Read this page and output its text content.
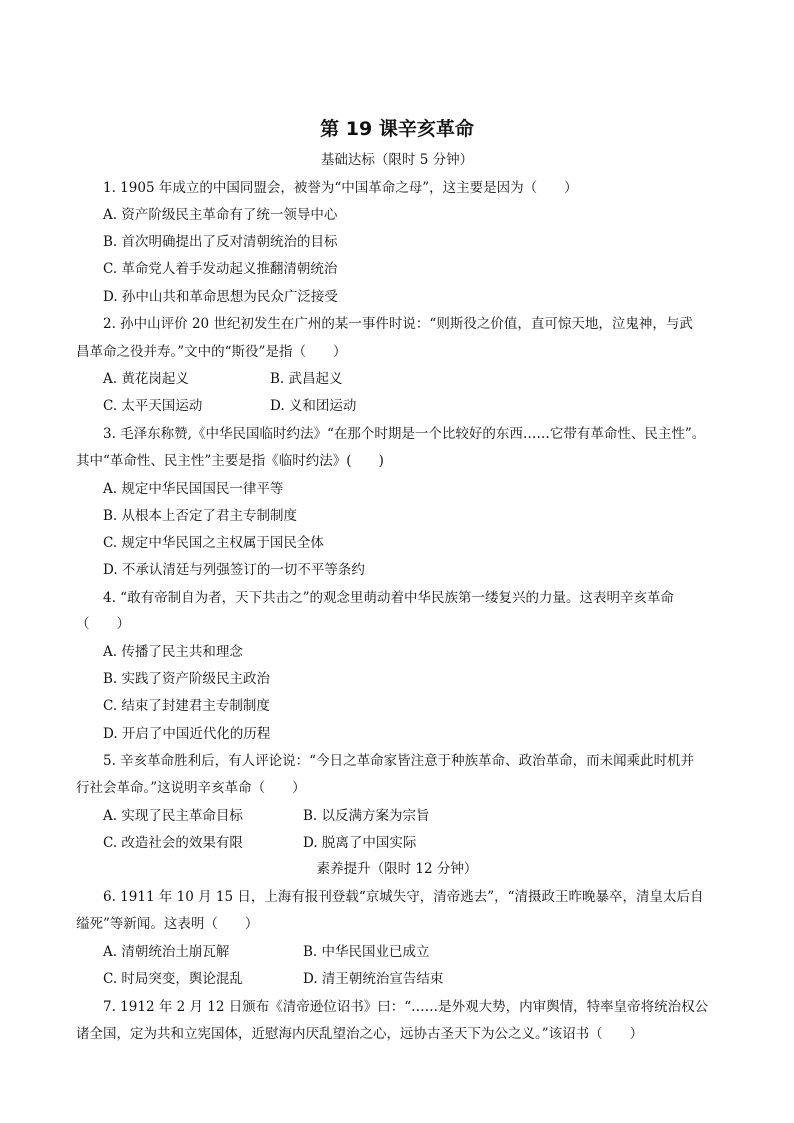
第 19 课辛亥革命
基础达标（限时 5 分钟）
1. 1905 年成立的中国同盟会，被誉为“中国革命之母”，这主要是因为（　　）
A. 资产阶级民主革命有了统一领导中心
B. 首次明确提出了反对清朝统治的目标
C. 革命党人着手发动起义推翻清朝统治
D. 孙中山共和革命思想为民众广泛接受
2. 孙中山评价 20 世纪初发生在广州的某一事件时说：“则斯役之价值，直可惊天地，泣鬼神，与武
昌革命之役并寿。”文中的“斯役”是指（　　）
A. 黄花岗起义	B. 武昌起义
C. 太平天国运动	D. 义和团运动
3. 毛泽东称赞,《中华民国临时约法》“在那个时期是一个比较好的东西……它带有革命性、民主性”。
其中“革命性、民主性”主要是指《临时约法》(　　)
A. 规定中华民国国民一律平等
B. 从根本上否定了君主专制制度
C. 规定中华民国之主权属于国民全体
D. 不承认清廷与列强签订的一切不平等条约
4. “敢有帝制自为者，天下共击之”的观念里萌动着中华民族第一缕复兴的力量。这表明辛亥革命
（　　）
A. 传播了民主共和理念
B. 实践了资产阶级民主政治
C. 结束了封建君主专制制度
D. 开启了中国近代化的历程
5. 辛亥革命胜利后，有人评论说：“今日之革命家皆注意于种族革命、政治革命，而未闻乘此时机并
行社会革命。”这说明辛亥革命（　　）
A. 实现了民主革命目标	B. 以反满方案为宗旨
C. 改造社会的效果有限	D. 脱离了中国实际
素养提升（限时 12 分钟）
6. 1911 年 10 月 15 日，上海有报刊登载“京城失守，清帝逃去”，“清摄政王昨晚暴卒，清皇太后自
缢死”等新闻。这表明（　　）
A. 清朝统治土崩瓦解	B. 中华民国业已成立
C. 时局突变，舆论混乱	D. 清王朝统治宣告结束
7. 1912 年 2 月 12 日颁布《清帝逊位诏书》曰：“……是外观大势，内审舆情，特率皇帝将统治权公
诸全国，定为共和立宪国体，近慰海内厌乱望治之心，远协古圣天下为公之义。”该诏书（　　）
